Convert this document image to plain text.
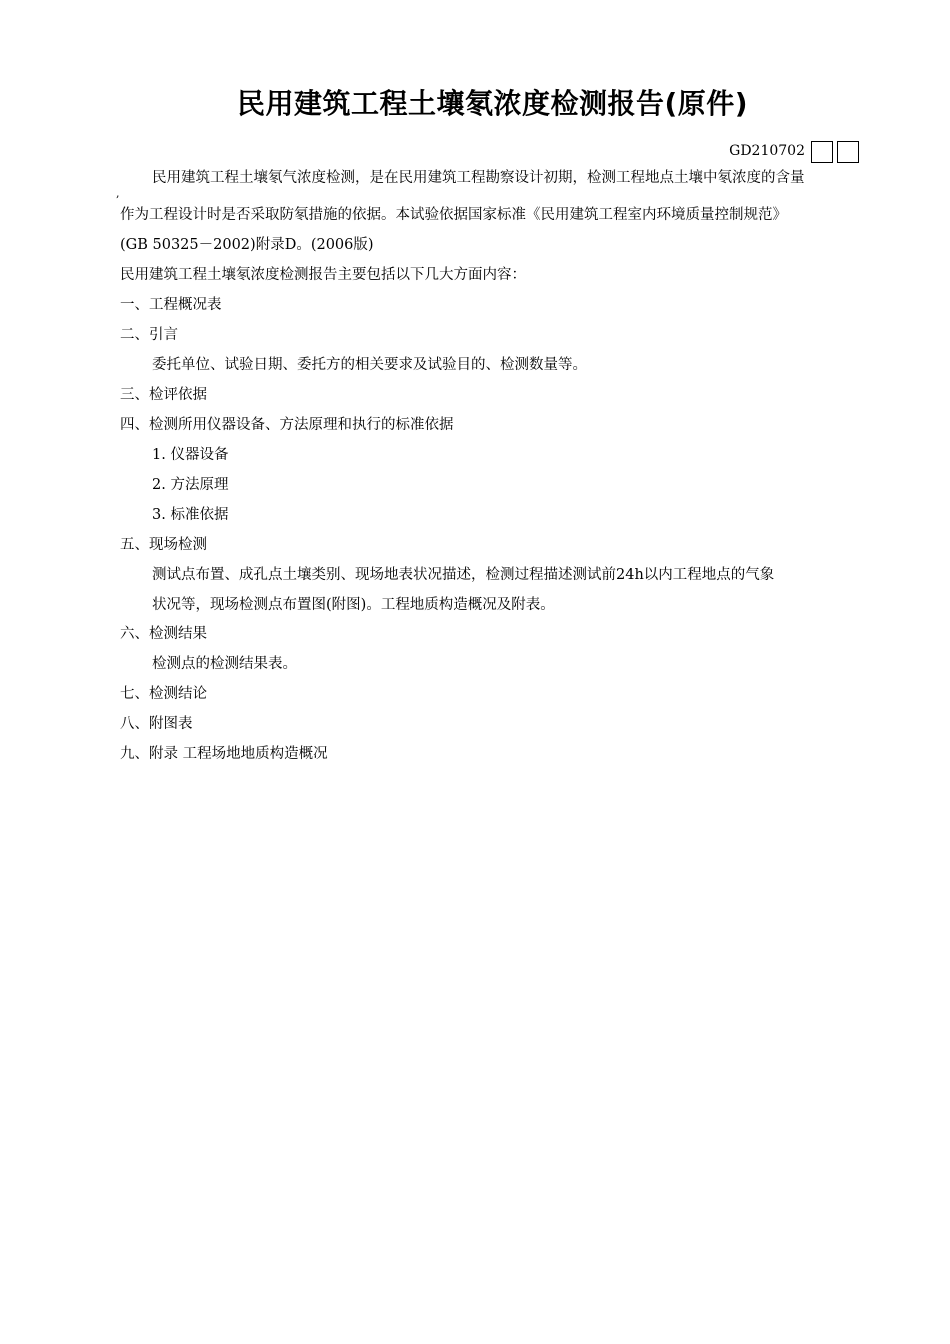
民用建筑工程土壤氡浓度检测报告(原件)
GD210702
,
民用建筑工程土壤氡气浓度检测，是在民用建筑工程勘察设计初期，检测工程地点土壤中氡浓度的含量
作为工程设计时是否采取防氡措施的依据。本试验依据国家标准《民用建筑工程室内环境质量控制规范》
(GB 50325－2002)附录D。(2006版)
民用建筑工程土壤氡浓度检测报告主要包括以下几大方面内容：
一、工程概况表
二、引言
委托单位、试验日期、委托方的相关要求及试验目的、检测数量等。
三、检评依据
四、检测所用仪器设备、方法原理和执行的标准依据
1. 仪器设备
2. 方法原理
3. 标准依据
五、现场检测
测试点布置、成孔点土壤类别、现场地表状况描述，检测过程描述测试前24h以内工程地点的气象
状况等，现场检测点布置图(附图)。工程地质构造概况及附表。
六、检测结果
检测点的检测结果表。
七、检测结论
八、附图表
九、附录 工程场地地质构造概况
